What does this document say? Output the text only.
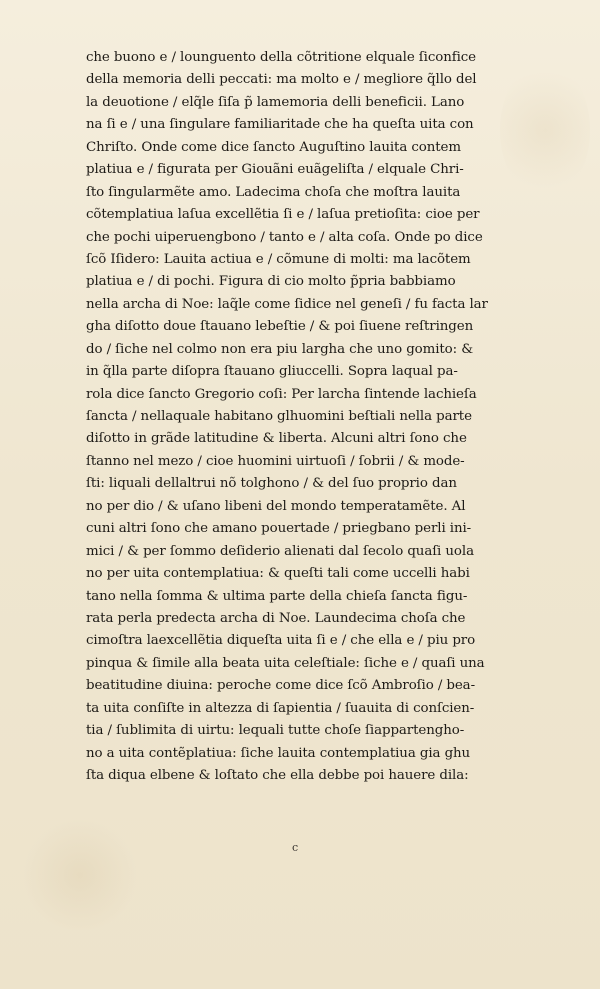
che buono e / lounguento della cõtritione elquale ſiconfice
della memoria delli peccati: ma molto e / megliore q̃llo del
la deuotione / elq̃le ſiſa p̃ lamemoria delli beneficii. Lano
na ſi e / una ſingulare familiaritade che ha queſta uita con
Chriſto. Onde come dice ſancto Auguſtino lauita contem
platiua e / figurata per Giouãni euãgeliſta / elquale Chri-
ſto ſingularmẽte amo. Ladecima choſa che moſtra lauita
cõtemplatiua laſua excellẽtia ſi e / laſua pretioſita: cioe per
che pochi uiperuengbono / tanto e / alta coſa. Onde po dice
ſcõ Iſidero: Lauita actiua e / cõmune di molti: ma lacõtem
platiua e / di pochi. Figura di cio molto p̃pria babbiamo
nella archa di Noe: laq̃le come ſidice nel geneſi / fu facta lar
gha diſotto doue ſtauano lebeſtie / & poi ſiuene reſtringen
do / ſiche nel colmo non era piu largha che uno gomito: &
in q̃lla parte diſopra ſtauano gliuccelli. Sopra laqual pa-
rola dice ſancto Gregorio coſi: Per larcha ſintende lachieſa
ſancta / nellaquale habitano glhuomini beſtiali nella parte
diſotto in grãde latitudine & liberta. Alcuni altri ſono che
ſtanno nel mezo / cioe huomini uirtuoſi / ſobrii / & mode-
ſti: liquali dellaltrui nõ tolghono / & del ſuo proprio dan
no per dio / & uſano libeni del mondo temperatamẽte. Al
cuni altri ſono che amano pouertade / priegbano perli ini-
mici / & per ſommo deſiderio alienati dal ſecolo quaſi uola
no per uita contemplatiua: & queſti tali come uccelli habi
tano nella ſomma & ultima parte della chieſa ſancta figu-
rata perla predecta archa di Noe. Laundecima choſa che
cimoſtra laexcellẽtia diqueſta uita ſi e / che ella e / piu pro
pinqua & ſimile alla beata uita celeſtiale: ſiche e / quaſi una
beatitudine diuina: peroche come dice ſcõ Ambroſio / bea-
ta uita conſiſte in altezza di ſapientia / ſuauita di conſcien-
tia / ſublimita di uirtu: lequali tutte choſe ſiappartengho-
no a uita contẽplatiua: ſiche lauita contemplatiua gia ghu
ſta diqua elbene & loſtato che ella debbe poi hauere dila:
c
